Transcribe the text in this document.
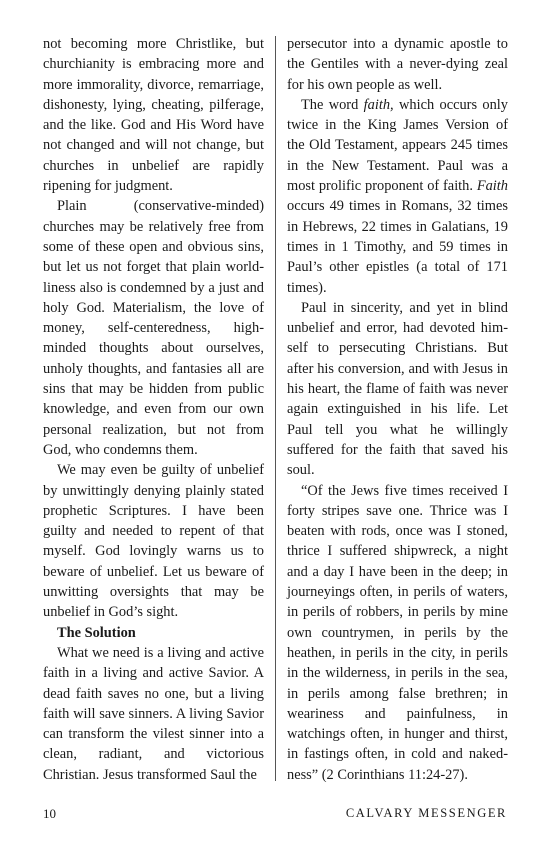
not becoming more Christlike, but churchianity is embracing more and more immorality, divorce, remarriage, dishonesty, lying, cheating, pilferage, and the like. God and His Word have not changed and will not change, but churches in unbelief are rapidly ripening for judgment.

Plain (conservative-minded) churches may be relatively free from some of these open and obvious sins, but let us not forget that plain worldliness also is condemned by a just and holy God. Materialism, the love of money, self-centeredness, high-minded thoughts about ourselves, unholy thoughts, and fantasies all are sins that may be hidden from public knowledge, and even from our own personal realization, but not from God, who condemns them.

We may even be guilty of unbelief by unwittingly denying plainly stated prophetic Scriptures. I have been guilty and needed to repent of that myself. God lovingly warns us to beware of unbelief. Let us beware of unwitting oversights that may be unbelief in God’s sight.

The Solution

What we need is a living and active faith in a living and active Savior. A dead faith saves no one, but a living faith will save sinners. A living Savior can transform the vilest sinner into a clean, radiant, and victorious Christian. Jesus transformed Saul the

persecutor into a dynamic apostle to the Gentiles with a never-dying zeal for his own people as well.

The word faith, which occurs only twice in the King James Version of the Old Testament, appears 245 times in the New Testament. Paul was a most prolific proponent of faith. Faith occurs 49 times in Romans, 32 times in Hebrews, 22 times in Galatians, 19 times in 1 Timothy, and 59 times in Paul’s other epistles (a total of 171 times).

Paul in sincerity, and yet in blind unbelief and error, had devoted himself to persecuting Christians. But after his conversion, and with Jesus in his heart, the flame of faith was never again extinguished in his life. Let Paul tell you what he willingly suffered for the faith that saved his soul.

“Of the Jews five times received I forty stripes save one. Thrice was I beaten with rods, once was I stoned, thrice I suffered shipwreck, a night and a day I have been in the deep; in journeyings often, in perils of waters, in perils of robbers, in perils by mine own countrymen, in perils by the heathen, in perils in the city, in perils in the wilderness, in perils in the sea, in perils among false brethren; in weariness and painfulness, in watchings often, in hunger and thirst, in fastings often, in cold and nakedness” (2 Corinthians 11:24-27).

10	CALVARY MESSENGER
